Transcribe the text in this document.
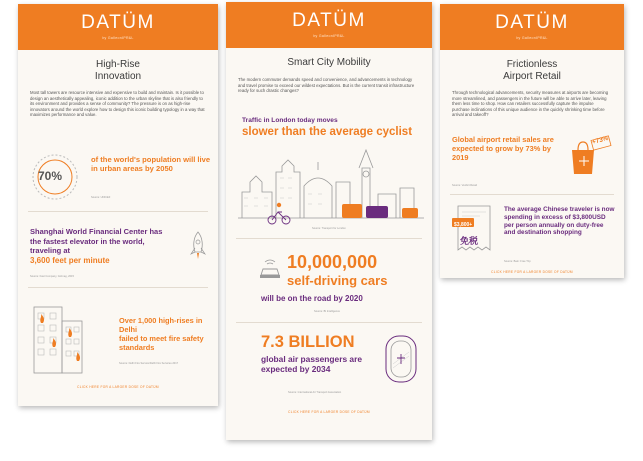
DATÜM
by GalleonIPR&L
High-Rise
Innovation
Most tall towers are resource intensive and expensive to build and maintain. Is it possible to design an aesthetically appealing, iconic addition to the urban skyline that is also friendly to its environment and provides a sense of community? The pressure is on as high-rise innovators around the world explore how to design this iconic building typology in a way that maximizes performance and value.
70%
of the world's population will live in urban areas by 2050
Source: UNICEF
Shanghai World Financial Center has the fastest elevator in the world, traveling at
3,600 feet per minute
Source: Fast Company, Gizmag, 2015
Over 1,000 high-rises in Delhi
failed to meet fire safety standards
Source: Delhi Fire Service/Delhi Fire Services 2017
CLICK HERE FOR A LARGER DOSE OF DATÜM
DATÜM
by GalleonIPR&L
Smart City Mobility
The modern commuter demands speed and convenience, and advancements in technology and travel promise to exceed our wildest expectations. But is the current transit infrastructure ready for such drastic changes?
Traffic in London today moves
slower than the average cyclist
Source: Transport for London
10,000,000
self-driving cars
will be on the road by 2020
Source: BI Intelligence
7.3 BILLION
global air passengers are expected by 2034
Source: International Air Transport Association
CLICK HERE FOR A LARGER DOSE OF DATÜM
DATÜM
by GalleonIPR&L
Frictionless
Airport Retail
Through technological advancements, security measures at airports are becoming more streamlined, and passengers in the future will be able to arrive later, leaving them less time to shop. How can retailers successfully capture the impulse purchase inclinations of this unique audience in the quickly shrinking time before arrival and takeoff?
Global airport retail sales are expected to grow by 73% by 2019
+73%
Source: Verdict Retail
$3,800+
免税
The average Chinese traveler is now spending in excess of $3,800USD per person annually on duty-free and destination shopping
Source: Bain: Free Trip
CLICK HERE FOR A LARGER DOSE OF DATÜM
